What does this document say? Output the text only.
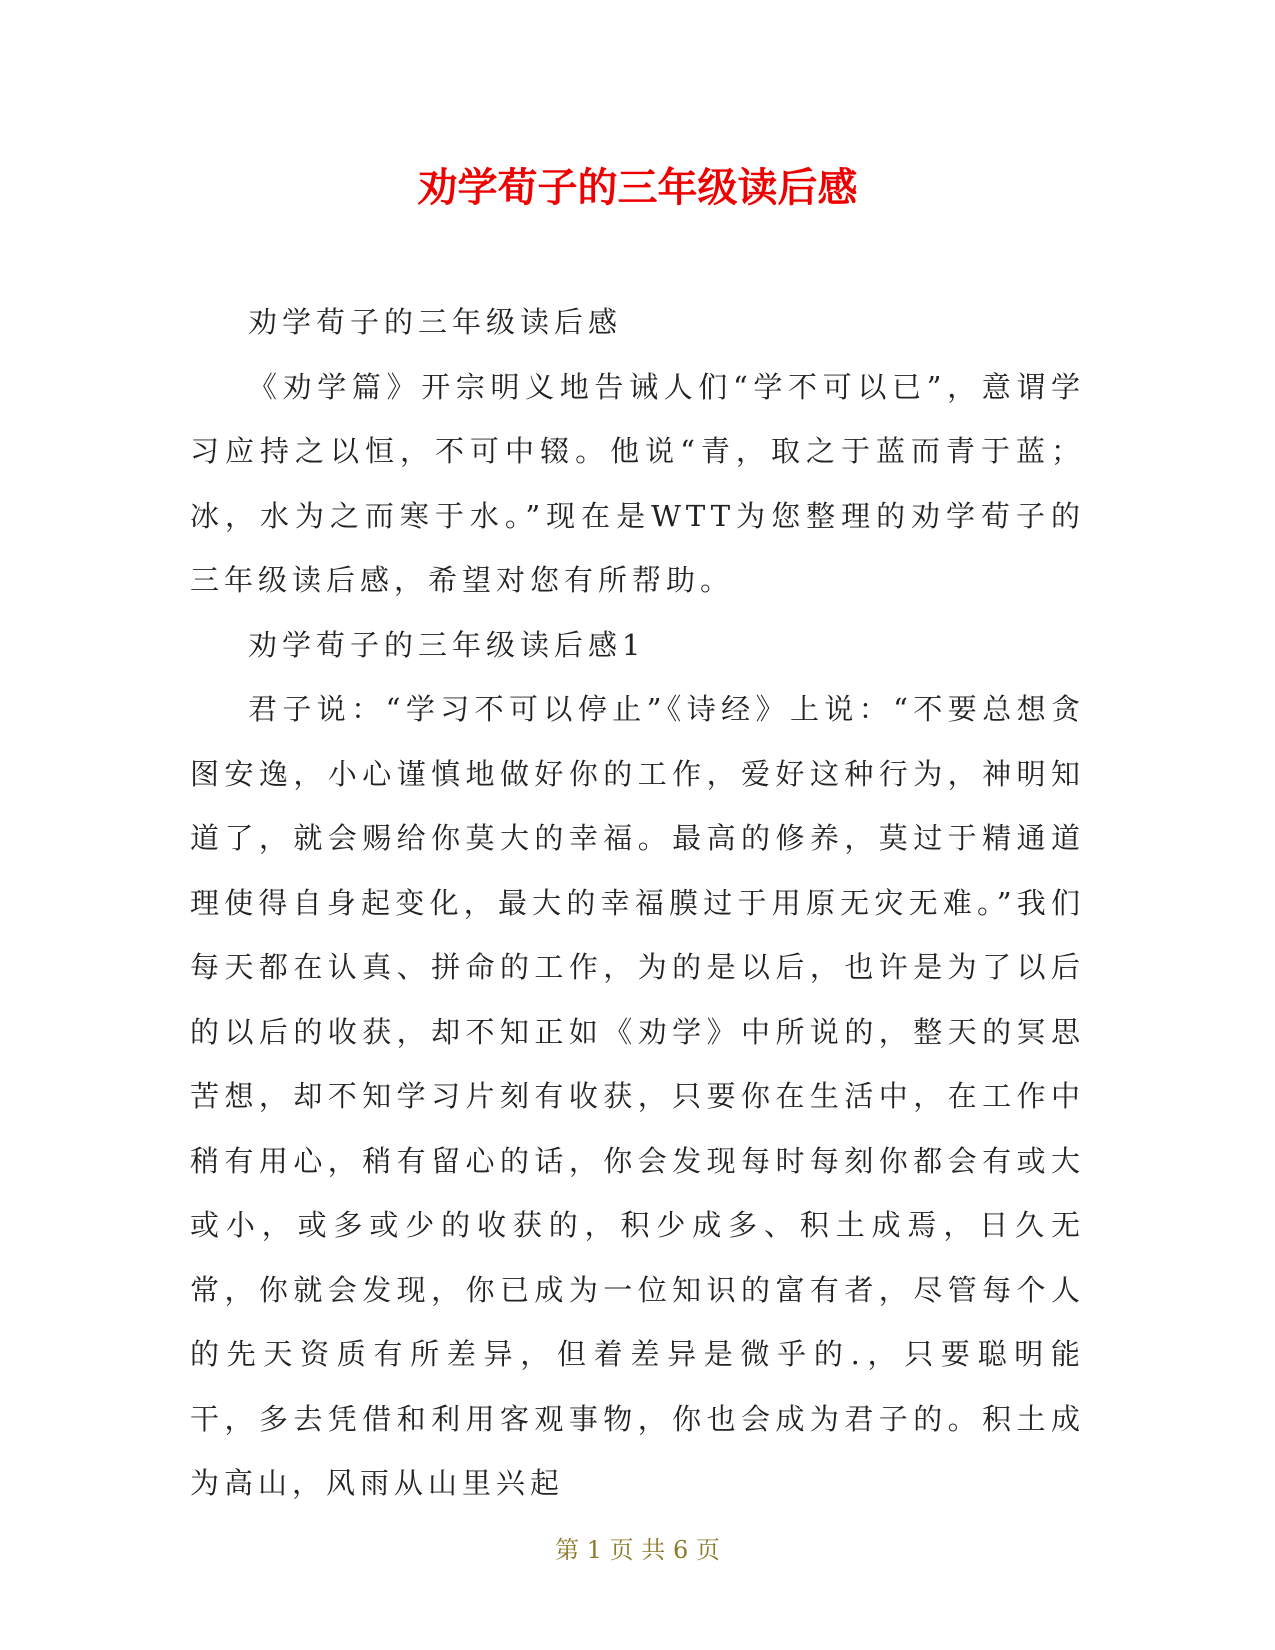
劝学荀子的三年级读后感

劝学荀子的三年级读后感

《劝学篇》开宗明义地告诫人们“学不可以已”，意谓学习应持之以恒，不可中辍。他说“青，取之于蓝而青于蓝；冰，水为之而寒于水。”现在是WTT为您整理的劝学荀子的三年级读后感，希望对您有所帮助。

劝学荀子的三年级读后感1

君子说：“学习不可以停止”《诗经》上说：“不要总想贪图安逸，小心谨慎地做好你的工作，爱好这种行为，神明知道了，就会赐给你莫大的幸福。最高的修养，莫过于精通道理使得自身起变化，最大的幸福膜过于用原无灾无难。”我们每天都在认真、拼命的工作，为的是以后，也许是为了以后的以后的收获，却不知正如《劝学》中所说的，整天的冥思苦想，却不知学习片刻有收获，只要你在生活中，在工作中稍有用心，稍有留心的话，你会发现每时每刻你都会有或大或小，或多或少的收获的，积少成多、积土成焉，日久无常，你就会发现，你已成为一位知识的富有者，尽管每个人的先天资质有所差异，但着差异是微乎的.，只要聪明能干，多去凭借和利用客观事物，你也会成为君子的。积土成为高山，风雨从山里兴起

第 1 页 共 6 页
